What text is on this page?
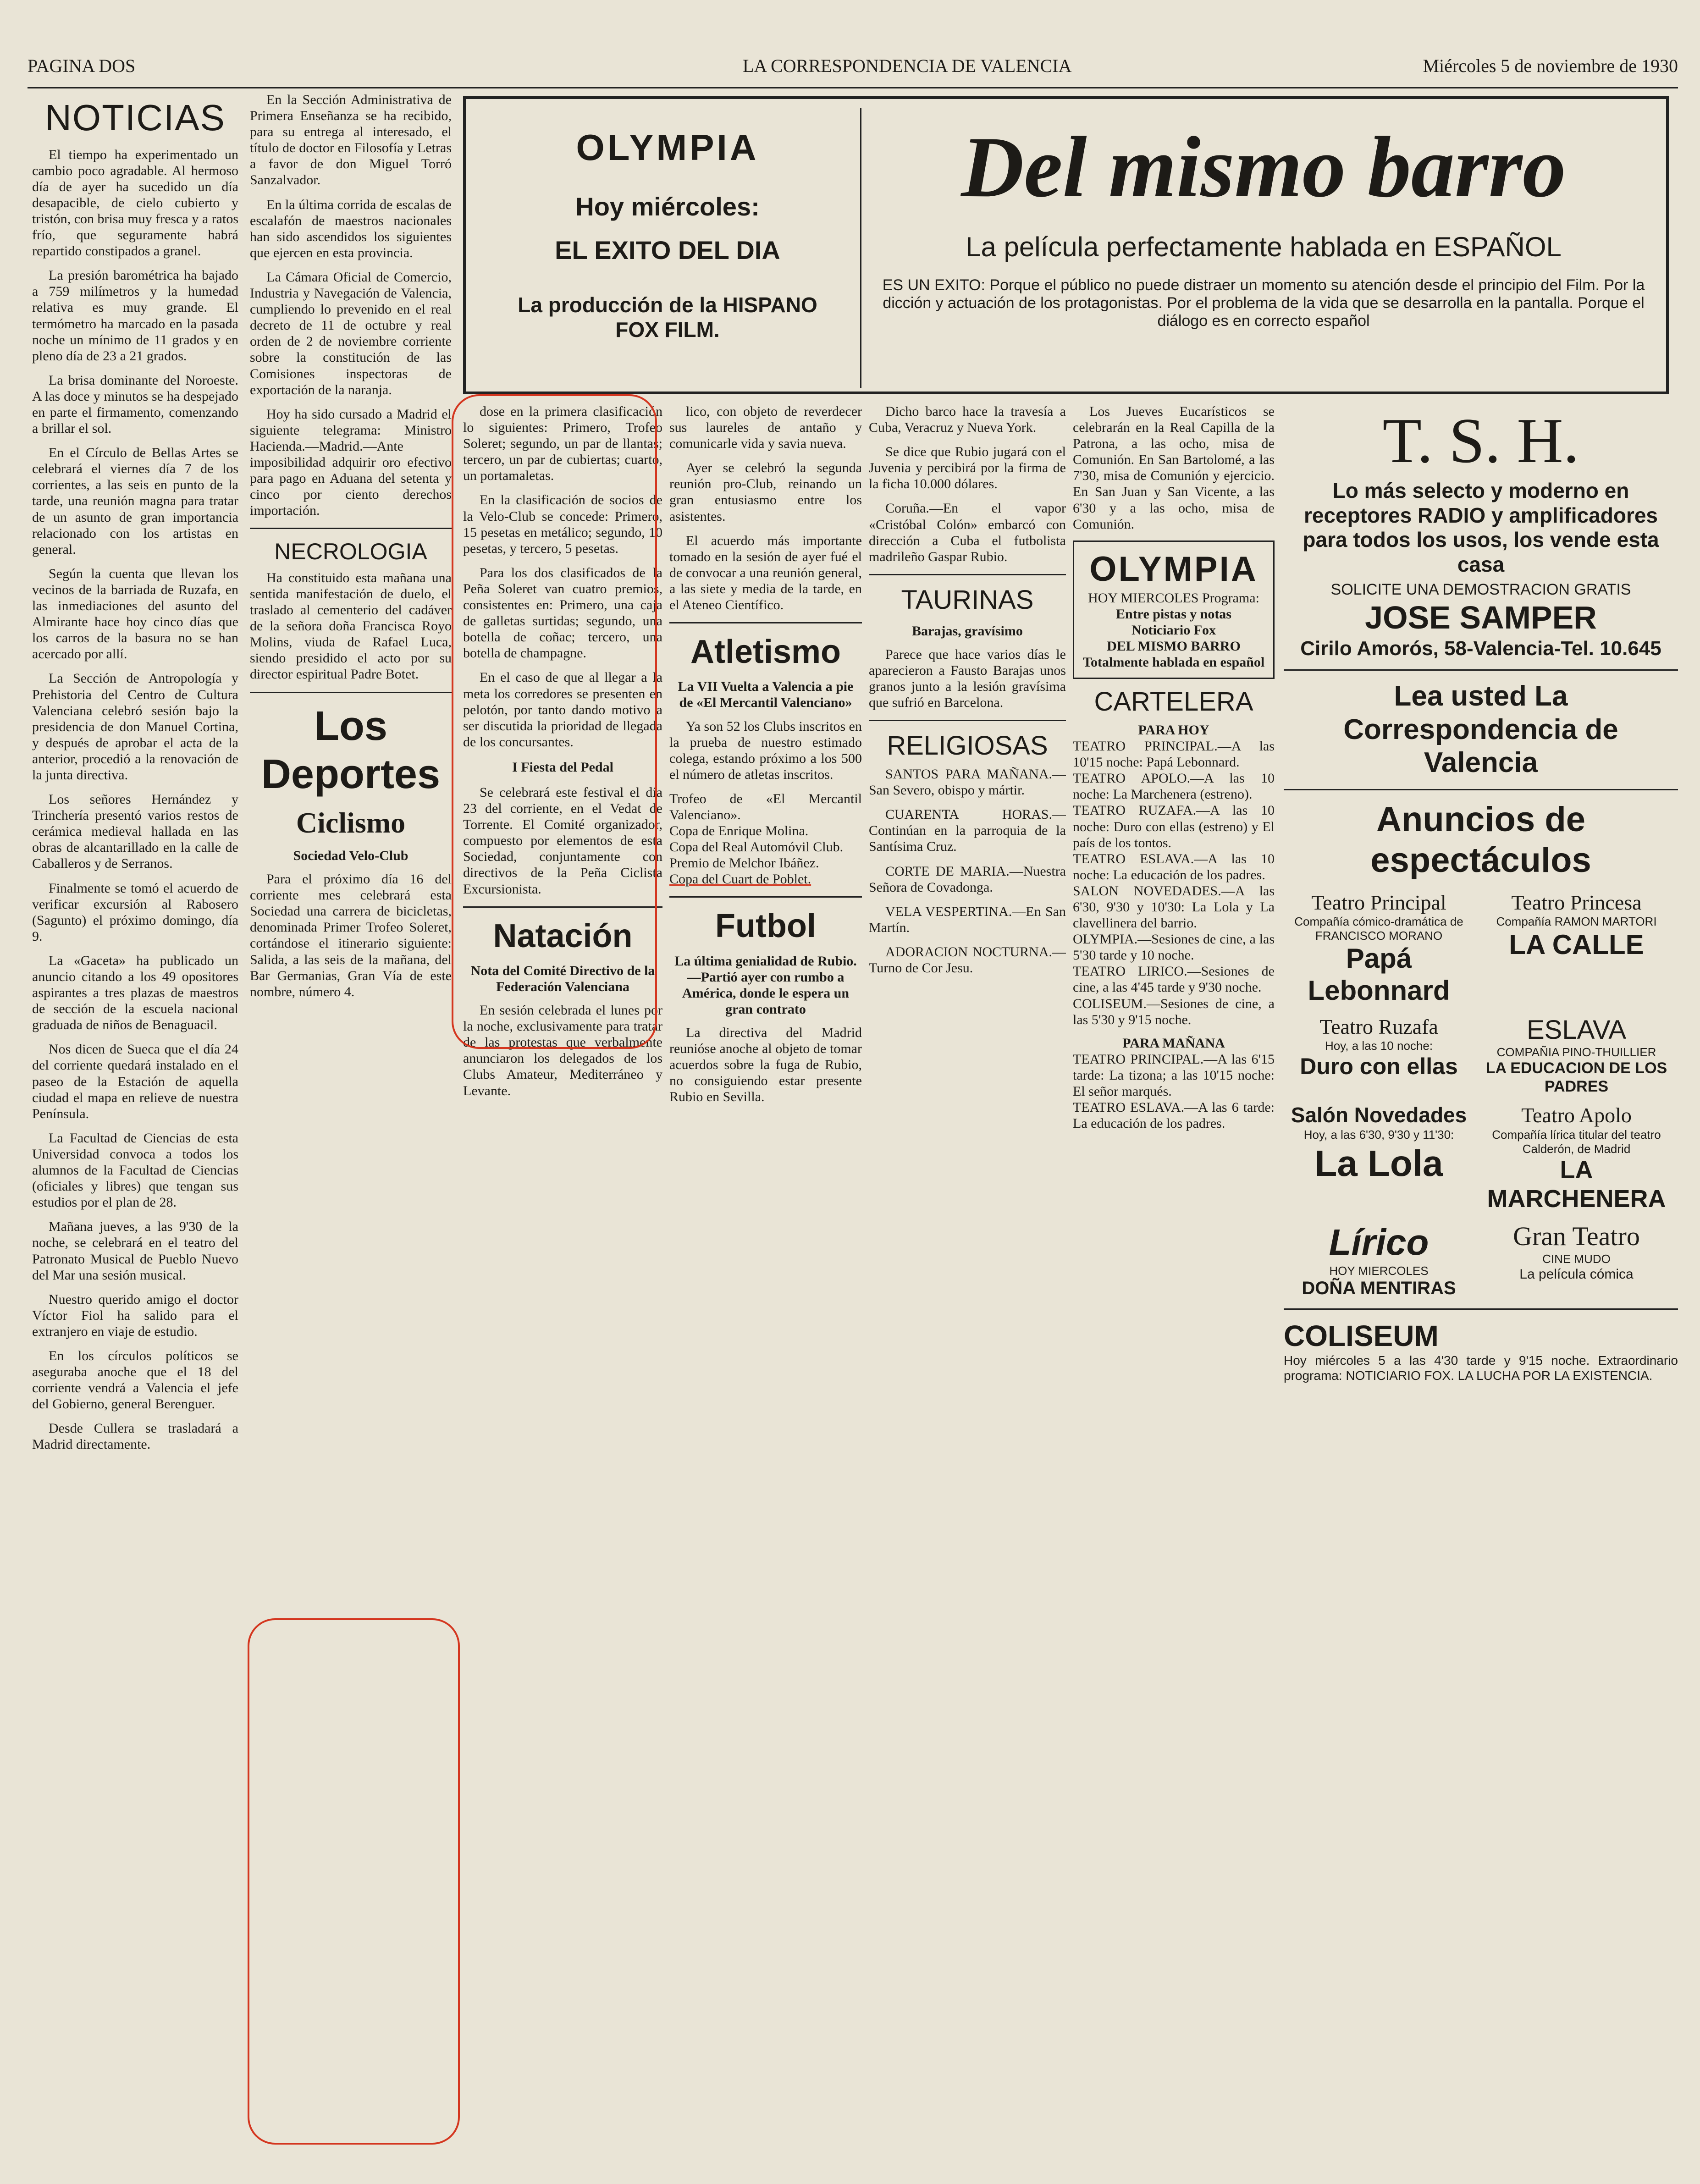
PAGINA DOS	LA CORRESPONDENCIA DE VALENCIA	Miércoles 5 de noviembre de 1930
NOTICIAS

El tiempo ha experimentado un cambio poco agradable. Al hermoso día de ayer ha sucedido un día desapacible, de cielo cubierto y tristón, con brisa muy fresca y a ratos frío, que seguramente habrá repartido constipados a granel.

La presión barométrica ha bajado a 759 milímetros y la humedad relativa es muy grande. El termómetro ha marcado en la pasada noche un mínimo de 11 grados y en pleno día de 23 a 21 grados.

La brisa dominante del Noroeste. A las doce y minutos se ha despejado en parte el firmamento, comenzando a brillar el sol.

En el Círculo de Bellas Artes se celebrará el viernes día 7 de los corrientes, a las seis en punto de la tarde, una reunión magna para tratar de un asunto de gran importancia relacionado con los artistas en general.

Según la cuenta que llevan los vecinos de la barriada de Ruzafa, en las inmediaciones del asunto del Almirante hace hoy cinco días que los carros de la basura no se han acercado por allí.

La Sección de Antropología y Prehistoria del Centro de Cultura Valenciana celebró sesión bajo la presidencia de don Manuel Cortina, y después de aprobar el acta de la anterior, procedió a la renovación de la junta directiva.

Los señores Hernández y Trinchería presentó varios restos de cerámica medieval hallada en las obras de alcantarillado en la calle de Caballeros y de Serranos.

Finalmente se tomó el acuerdo de verificar excursión al Rabosero (Sagunto) el próximo domingo, día 9.

La «Gaceta» ha publicado un anuncio citando a los 49 opositores aspirantes a tres plazas de maestros de sección de la escuela nacional graduada de niños de Benaguacil.

Nos dicen de Sueca que el día 24 del corriente quedará instalado en el paseo de la Estación de aquella ciudad el mapa en relieve de nuestra Península.

La Facultad de Ciencias de esta Universidad convoca a todos los alumnos de la Facultad de Ciencias (oficiales y libres) que tengan sus estudios por el plan de 28.

Mañana jueves, a las 9'30 de la noche, se celebrará en el teatro del Patronato Musical de Pueblo Nuevo del Mar una sesión musical.

Nuestro querido amigo el doctor Víctor Fiol ha salido para el extranjero en viaje de estudio.

En los círculos políticos se aseguraba anoche que el 18 del corriente vendrá a Valencia el jefe del Gobierno, general Berenguer.

Desde Cullera se trasladará a Madrid directamente.

En la Sección Administrativa de Primera Enseñanza se ha recibido, para su entrega al interesado, el título de doctor en Filosofía y Letras a favor de don Miguel Torró Sanzalvador.

En la última corrida de escalas de escalafón de maestros nacionales han sido ascendidos los siguientes que ejercen en esta provincia.

La Cámara Oficial de Comercio, Industria y Navegación de Valencia, cumpliendo lo prevenido en el real decreto de 11 de octubre y real orden de 2 de noviembre corriente sobre la constitución de las Comisiones inspectoras de exportación de la naranja.

Hoy ha sido cursado a Madrid el siguiente telegrama: Ministro Hacienda.—Madrid.—Ante imposibilidad adquirir oro efectivo para pago en Aduana del setenta y cinco por ciento derechos importación.

NECROLOGIA

Ha constituido esta mañana una sentida manifestación de duelo, el traslado al cementerio del cadáver de la señora doña Francisca Royo Molins, viuda de Rafael Luca, siendo presidido el acto por su director espiritual Padre Botet.

Los Deportes
Ciclismo
Sociedad Velo-Club

Para el próximo día 16 del corriente mes celebrará esta Sociedad una carrera de bicicletas, denominada Primer Trofeo Soleret, cortándose el itinerario siguiente: Salida, a las seis de la mañana, del Bar Germanias, Gran Vía de este nombre, número 4.

OLYMPIA
Hoy miércoles:
EL EXITO DEL DIA
La producción de la HISPANO FOX FILM.
Del mismo barro
La película perfectamente hablada en ESPAÑOL
ES UN EXITO: Porque el público no puede distraer un momento su atención desde el principio del Film. Por la dicción y actuación de los protagonistas. Por el problema de la vida que se desarrolla en la pantalla. Porque el diálogo es en correcto español

dose en la primera clasificación lo siguientes: Primero, Trofeo Soleret; segundo, un par de llantas; tercero, un par de cubiertas; cuarto, un portamaletas.

En la clasificación de socios de la Velo-Club se concede: Primero, 15 pesetas en metálico; segundo, 10 pesetas, y tercero, 5 pesetas.

Para los dos clasificados de la Peña Soleret van cuatro premios, consistentes en: Primero, una caja de galletas surtidas; segundo, una botella de coñac; tercero, una botella de champagne.

En el caso de que al llegar a la meta los corredores se presenten en pelotón, por tanto dando motivo a ser discutida la prioridad de llegada de los concursantes.

I Fiesta del Pedal

Se celebrará este festival el día 23 del corriente, en el Vedat de Torrente. El Comité organizador, compuesto por elementos de esta Sociedad, conjuntamente con directivos de la Peña Ciclista Excursionista.

Natación
Nota del Comité Directivo de la Federación Valenciana

En sesión celebrada el lunes por la noche, exclusivamente para tratar de las protestas que verbalmente anunciaron los delegados de los Clubs Amateur, Mediterráneo y Levante.

lico, con objeto de reverdecer sus laureles de antaño y comunicarle vida y savia nueva.

Ayer se celebró la segunda reunión pro-Club, reinando un gran entusiasmo entre los asistentes.

El acuerdo más importante tomado en la sesión de ayer fué el de convocar a una reunión general, a las siete y media de la tarde, en el Ateneo Científico.

Atletismo
La VII Vuelta a Valencia a pie de «El Mercantil Valenciano»

Ya son 52 los Clubs inscritos en la prueba de nuestro estimado colega, estando próximo a los 500 el número de atletas inscritos.

Trofeo de «El Mercantil Valenciano».
Copa de Enrique Molina.
Copa del Real Automóvil Club.
Premio de Melchor Ibáñez.
Copa del Cuart de Poblet.
Futbol
La última genialidad de Rubio. —Partió ayer con rumbo a América, donde le espera un gran contrato

La directiva del Madrid reunióse anoche al objeto de tomar acuerdos sobre la fuga de Rubio, no consiguiendo estar presente Rubio en Sevilla.

Dicho barco hace la travesía a Cuba, Veracruz y Nueva York.

Se dice que Rubio jugará con el Juvenia y percibirá por la firma de la ficha 10.000 dólares.

Coruña.—En el vapor «Cristóbal Colón» embarcó con dirección a Cuba el futbolista madrileño Gaspar Rubio.

TAURINAS
Barajas, gravísimo

Parece que hace varios días le aparecieron a Fausto Barajas unos granos junto a la lesión gravísima que sufrió en Barcelona.

RELIGIOSAS

SANTOS PARA MAÑANA.—San Severo, obispo y mártir.

CUARENTA HORAS.—Continúan en la parroquia de la Santísima Cruz.

CORTE DE MARIA.—Nuestra Señora de Covadonga.

VELA VESPERTINA.—En San Martín.

ADORACION NOCTURNA.—Turno de Cor Jesu.

Los Jueves Eucarísticos se celebrarán en la Real Capilla de la Patrona, a las ocho, misa de Comunión. En San Bartolomé, a las 7'30, misa de Comunión y ejercicio. En San Juan y San Vicente, a las 6'30 y a las ocho, misa de Comunión.

OLYMPIA
HOY MIERCOLES Programa:
Entre pistas y notas
Noticiario Fox
DEL MISMO BARRO
Totalmente hablada en español
CARTELERA
PARA HOY
TEATRO PRINCIPAL.—A las 10'15 noche: Papá Lebonnard.
TEATRO APOLO.—A las 10 noche: La Marchenera (estreno).
TEATRO RUZAFA.—A las 10 noche: Duro con ellas (estreno) y El país de los tontos.
TEATRO ESLAVA.—A las 10 noche: La educación de los padres.
SALON NOVEDADES.—A las 6'30, 9'30 y 10'30: La Lola y La clavellinera del barrio.
OLYMPIA.—Sesiones de cine, a las 5'30 tarde y 10 noche.
TEATRO LIRICO.—Sesiones de cine, a las 4'45 tarde y 9'30 noche.
COLISEUM.—Sesiones de cine, a las 5'30 y 9'15 noche.
PARA MAÑANA
TEATRO PRINCIPAL.—A las 6'15 tarde: La tizona; a las 10'15 noche: El señor marqués.
TEATRO ESLAVA.—A las 6 tarde: La educación de los padres.
T. S. H.
Lo más selecto y moderno en receptores RADIO y amplificadores para todos los usos, los vende esta casa
SOLICITE UNA DEMOSTRACION GRATIS
JOSE SAMPER
Cirilo Amorós, 58-Valencia-Tel. 10.645
Lea usted La Correspondencia de Valencia
Anuncios de espectáculos
Teatro Principal
Compañía cómico-dramática de FRANCISCO MORANO
Papá Lebonnard
Teatro Princesa
Compañía RAMON MARTORI
LA CALLE
Teatro Ruzafa
Hoy, a las 10 noche:
Duro con ellas
ESLAVA
COMPAÑIA PINO-THUILLIER
LA EDUCACION DE LOS PADRES
Salón Novedades
Hoy, a las 6'30, 9'30 y 11'30:
La Lola
Teatro Apolo
Compañía lírica titular del teatro Calderón, de Madrid
LA MARCHENERA
Lírico
HOY MIERCOLES
DOÑA MENTIRAS
Gran Teatro
CINE MUDO
La película cómica
COLISEUM
Hoy miércoles 5 a las 4'30 tarde y 9'15 noche. Extraordinario programa: NOTICIARIO FOX. LA LUCHA POR LA EXISTENCIA.
